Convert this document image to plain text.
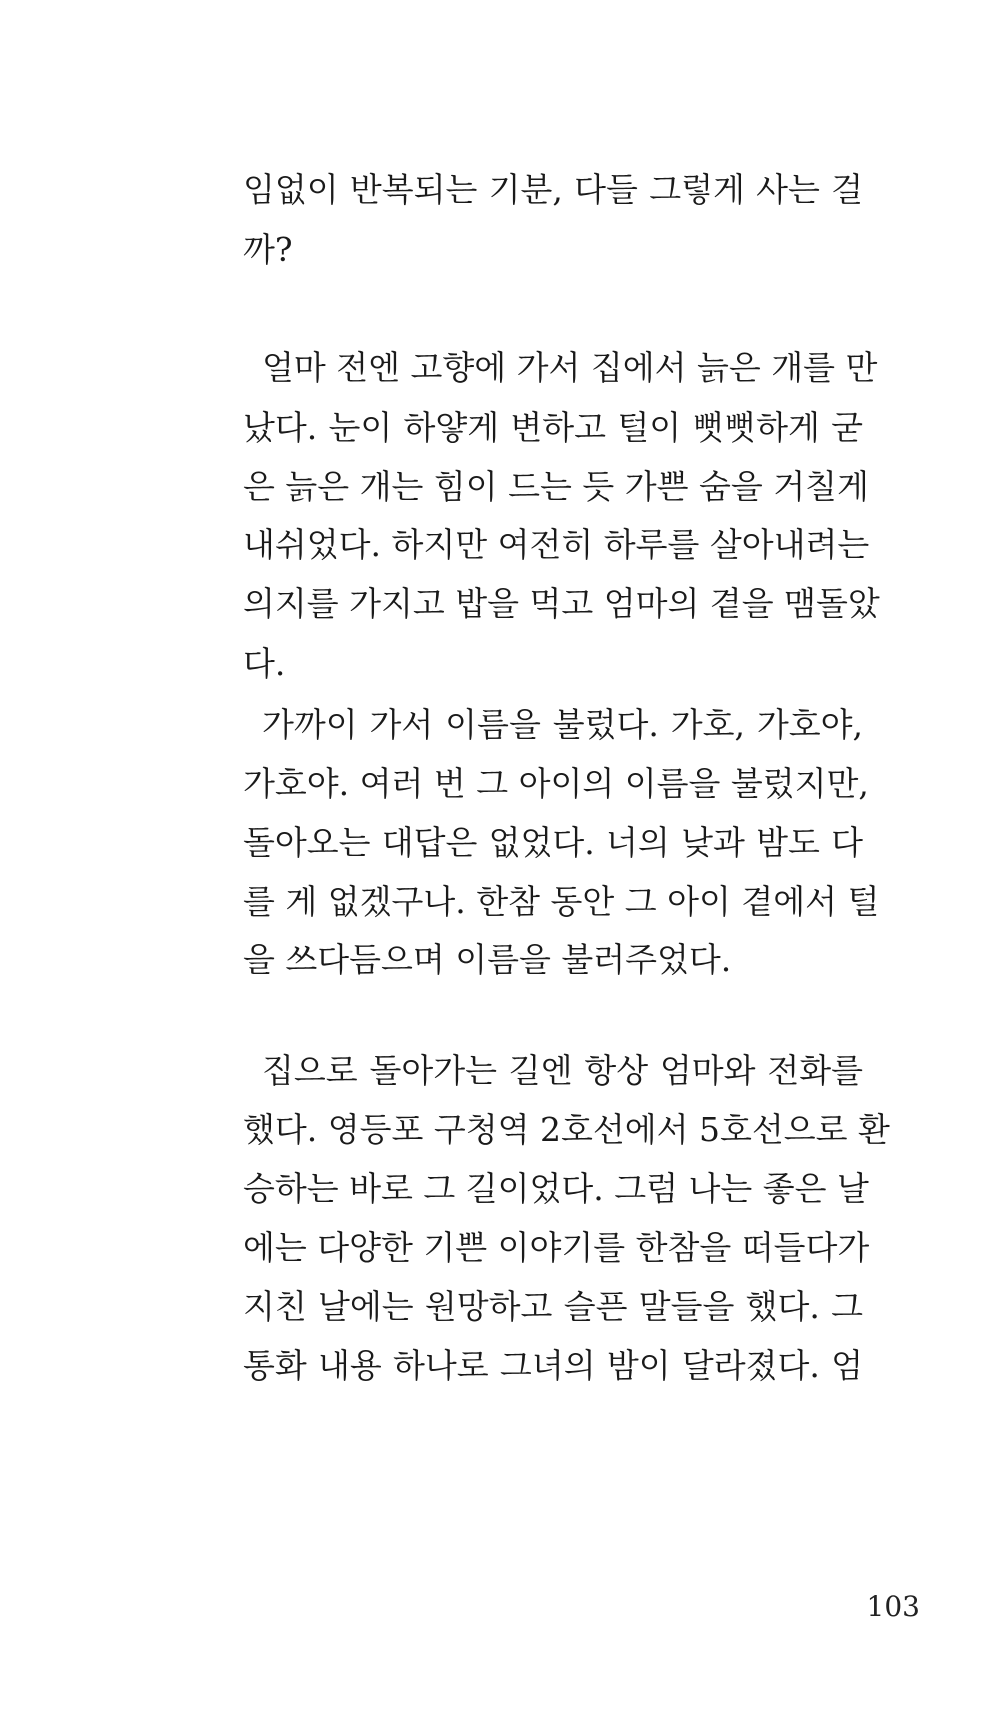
임없이 반복되는 기분, 다들 그렇게 사는 걸
까?
얼마 전엔 고향에 가서 집에서 늙은 개를 만
났다. 눈이 하얗게 변하고 털이 뻣뻣하게 굳
은 늙은 개는 힘이 드는 듯 가쁜 숨을 거칠게
내쉬었다. 하지만 여전히 하루를 살아내려는
의지를 가지고 밥을 먹고 엄마의 곁을 맴돌았
다.
가까이 가서 이름을 불렀다. 가호, 가호야,
가호야. 여러 번 그 아이의 이름을 불렀지만,
돌아오는 대답은 없었다. 너의 낮과 밤도 다
를 게 없겠구나. 한참 동안 그 아이 곁에서 털
을 쓰다듬으며 이름을 불러주었다.
집으로 돌아가는 길엔 항상 엄마와 전화를
했다. 영등포 구청역 2호선에서 5호선으로 환
승하는 바로 그 길이었다. 그럼 나는 좋은 날
에는 다양한 기쁜 이야기를 한참을 떠들다가
지친 날에는 원망하고 슬픈 말들을 했다. 그
통화 내용 하나로 그녀의 밤이 달라졌다. 엄
103
